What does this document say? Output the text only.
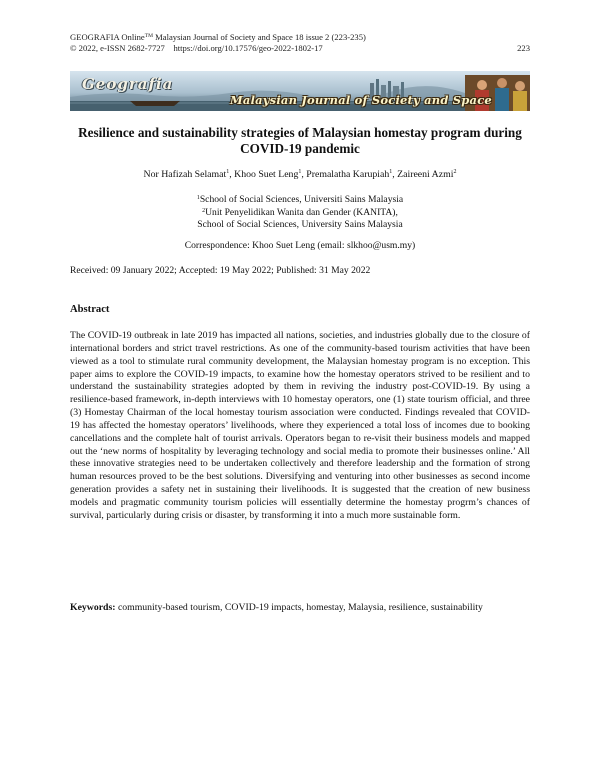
GEOGRAFIA Online™ Malaysian Journal of Society and Space 18 issue 2 (223-235)
© 2022, e-ISSN 2682-7727    https://doi.org/10.17576/geo-2022-1802-17	223
Geografia
Malaysian Journal of Society and Space
Resilience and sustainability strategies of Malaysian homestay program during COVID-19 pandemic
Nor Hafizah Selamat$^1$, Khoo Suet Leng$^1$, Premalatha Karupiah$^1$, Zaireeni Azmi$^2$
$^1$School of Social Sciences, Universiti Sains Malaysia
$^2$Unit Penyelidikan Wanita dan Gender (KANITA),
School of Social Sciences, University Sains Malaysia
Correspondence: Khoo Suet Leng (email: slkhoo@usm.my)
Received: 09 January 2022; Accepted: 19 May 2022; Published: 31 May 2022
Abstract
The COVID-19 outbreak in late 2019 has impacted all nations, societies, and industries globally due to the closure of international borders and strict travel restrictions. As one of the community-based tourism activities that have been viewed as a tool to stimulate rural community development, the Malaysian homestay program is no exception. This paper aims to explore the COVID-19 impacts, to examine how the homestay operators strived to be resilient and to understand the sustainability strategies adopted by them in reviving the industry post-COVID-19. By using a resilience-based framework, in-depth interviews with 10 homestay operators, one (1) state tourism official, and three (3) Homestay Chairman of the local homestay tourism association were conducted. Findings revealed that COVID-19 has affected the homestay operators’ livelihoods, where they experienced a total loss of incomes due to booking cancellations and the complete halt of tourist arrivals. Operators began to re-visit their business models and mapped out the ‘new norms of hospitality by leveraging technology and social media to promote their businesses online.’ All these innovative strategies need to be undertaken collectively and therefore leadership and the formation of strong human resources proved to be the best solutions. Diversifying and venturing into other businesses as second income generation provides a safety net in sustaining their livelihoods. It is suggested that the creation of new business models and pragmatic community tourism policies will essentially determine the homestay progrm’s chances of survival, particularly during crisis or disaster, by transforming it into a much more sustainable form.
Keywords: community-based tourism, COVID-19 impacts, homestay, Malaysia, resilience, sustainability
